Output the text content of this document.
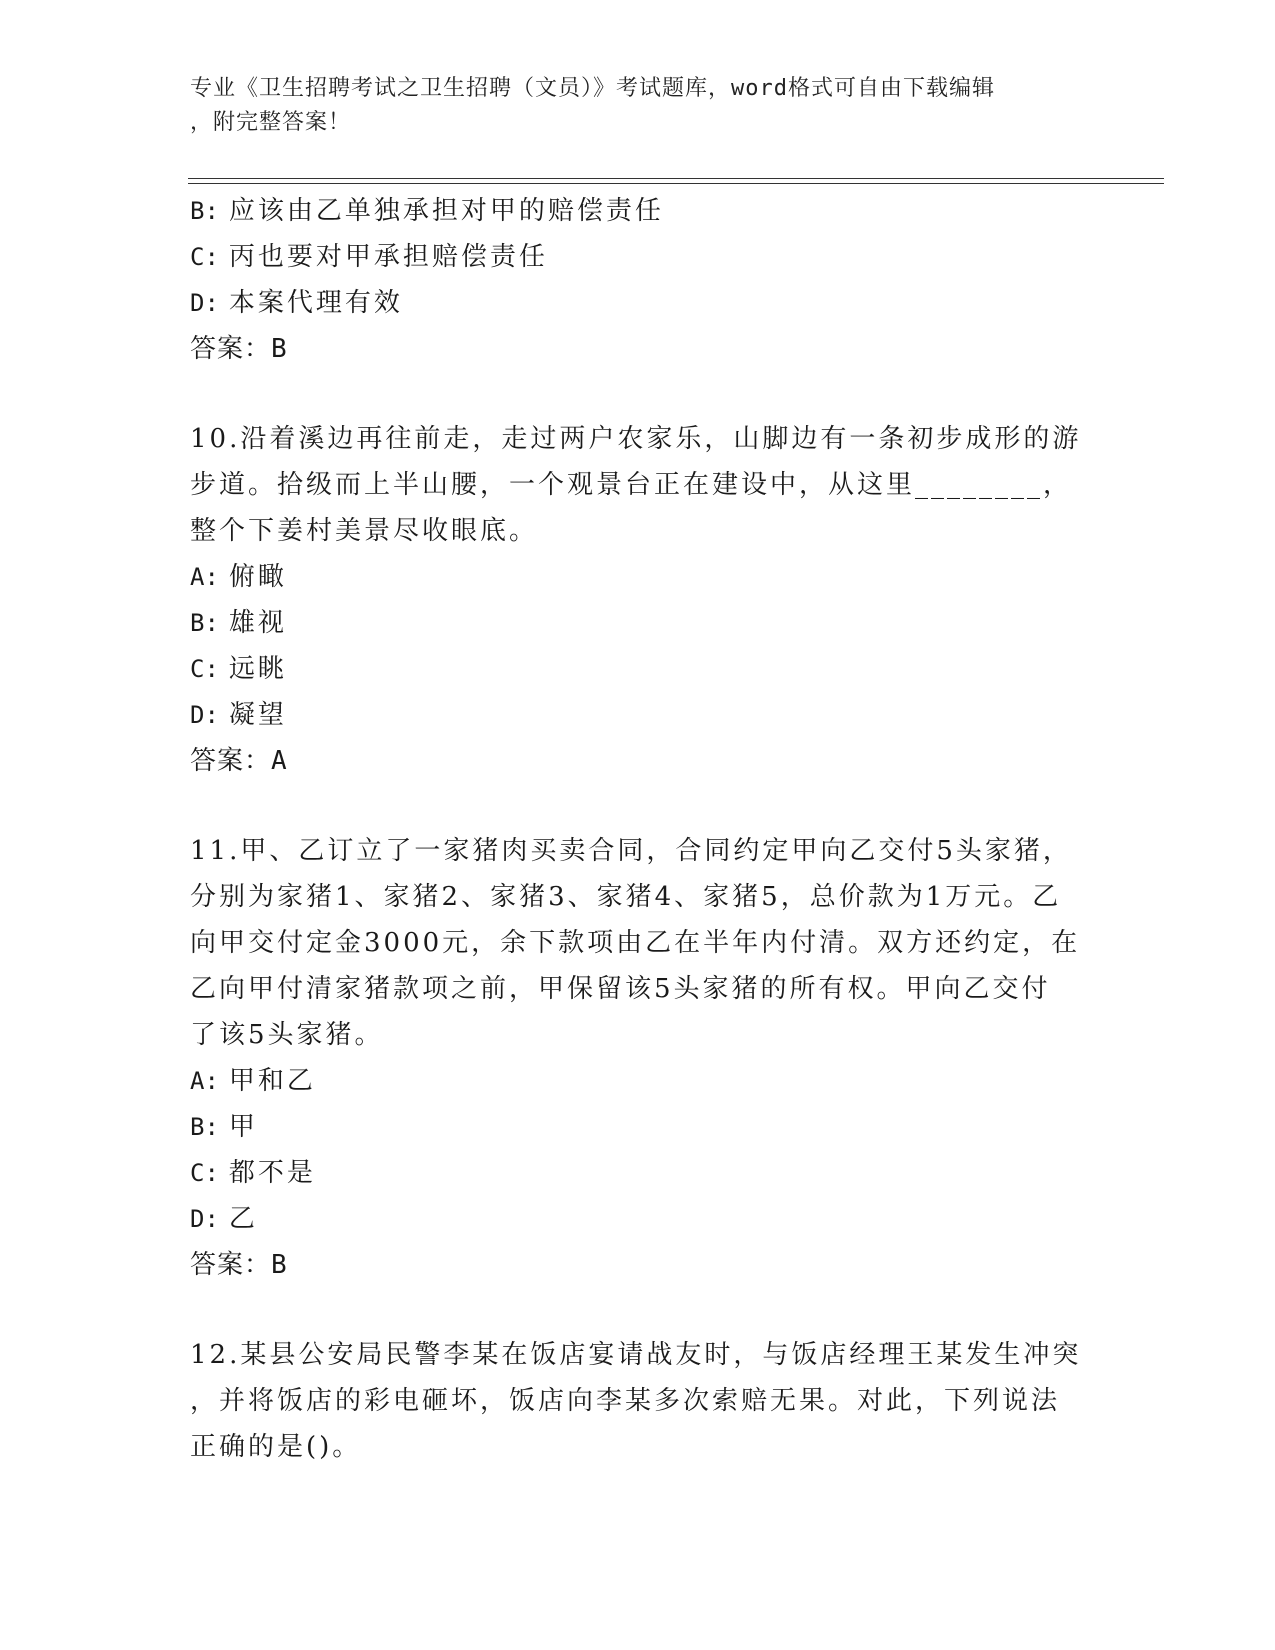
专业《卫生招聘考试之卫生招聘（文员）》考试题库，word格式可自由下载编辑
，附完整答案！
B: 应该由乙单独承担对甲的赔偿责任
C: 丙也要对甲承担赔偿责任
D: 本案代理有效
答案：B
10.沿着溪边再往前走，走过两户农家乐，山脚边有一条初步成形的游
步道。拾级而上半山腰，一个观景台正在建设中，从这里________，
整个下姜村美景尽收眼底。
A: 俯瞰
B: 雄视
C: 远眺
D: 凝望
答案：A
11.甲、乙订立了一家猪肉买卖合同，合同约定甲向乙交付5头家猪，
分别为家猪1、家猪2、家猪3、家猪4、家猪5，总价款为1万元。乙
向甲交付定金3000元，余下款项由乙在半年内付清。双方还约定，在
乙向甲付清家猪款项之前，甲保留该5头家猪的所有权。甲向乙交付
了该5头家猪。
A: 甲和乙
B: 甲
C: 都不是
D: 乙
答案：B
12.某县公安局民警李某在饭店宴请战友时，与饭店经理王某发生冲突
，并将饭店的彩电砸坏，饭店向李某多次索赔无果。对此，下列说法
正确的是()。
